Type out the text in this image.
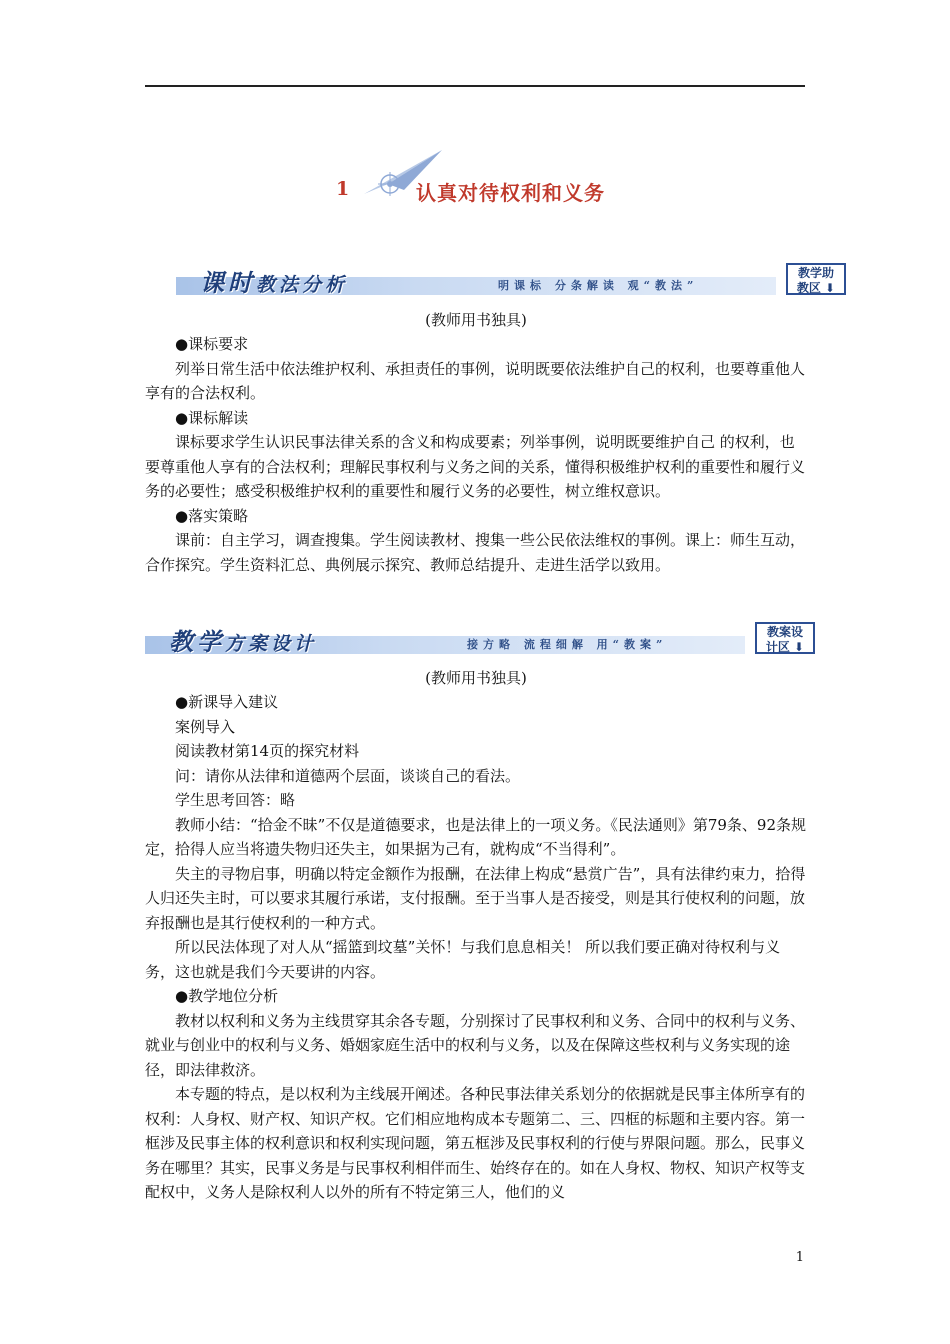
1	认真对待权利和义务
课时教法分析	明课标 分条解读 观“教法”
教学助
教区 ⬇

(教师用书独具)

●课标要求

列举日常生活中依法维护权利、承担责任的事例，说明既要依法维护自己的权利，也要尊重他人享有的合法权利。

●课标解读

课标要求学生认识民事法律关系的含义和构成要素；列举事例，说明既要维护自己 的权利，也要尊重他人享有的合法权利；理解民事权利与义务之间的关系，懂得积极维护权利的重要性和履行义务的必要性；感受积极维护权利的重要性和履行义务的必要性，树立维权意识。

●落实策略

课前：自主学习，调查搜集。学生阅读教材、搜集一些公民依法维权的事例。课上：师生互动，合作探究。学生资料汇总、典例展示探究、教师总结提升、走进生活学以致用。

教学方案设计	接方略 流程细解 用“教案”
教案设
计区 ⬇

(教师用书独具)

●新课导入建议

案例导入

阅读教材第14页的探究材料

问：请你从法律和道德两个层面，谈谈自己的看法。

学生思考回答：略

教师小结：“拾金不昧”不仅是道德要求，也是法律上的一项义务。《民法通则》第79条、92条规定，拾得人应当将遗失物归还失主，如果据为己有，就构成“不当得利”。

失主的寻物启事，明确以特定金额作为报酬，在法律上构成“悬赏广告”，具有法律约束力，拾得人归还失主时，可以要求其履行承诺，支付报酬。至于当事人是否接受，则是其行使权利的问题，放弃报酬也是其行使权利的一种方式。

所以民法体现了对人从“摇篮到坟墓”关怀！与我们息息相关！ 所以我们要正确对待权利与义务，这也就是我们今天要讲的内容。

●教学地位分析

教材以权利和义务为主线贯穿其余各专题，分别探讨了民事权利和义务、合同中的权利与义务、就业与创业中的权利与义务、婚姻家庭生活中的权利与义务，以及在保障这些权利与义务实现的途径，即法律救济。

本专题的特点，是以权利为主线展开阐述。各种民事法律关系划分的依据就是民事主体所享有的权利：人身权、财产权、知识产权。它们相应地构成本专题第二、三、四框的标题和主要内容。第一框涉及民事主体的权利意识和权利实现问题，第五框涉及民事权利的行使与界限问题。那么，民事义务在哪里？其实，民事义务是与民事权利相伴而生、始终存在的。如在人身权、物权、知识产权等支配权中，义务人是除权利人以外的所有不特定第三人，他们的义

1
